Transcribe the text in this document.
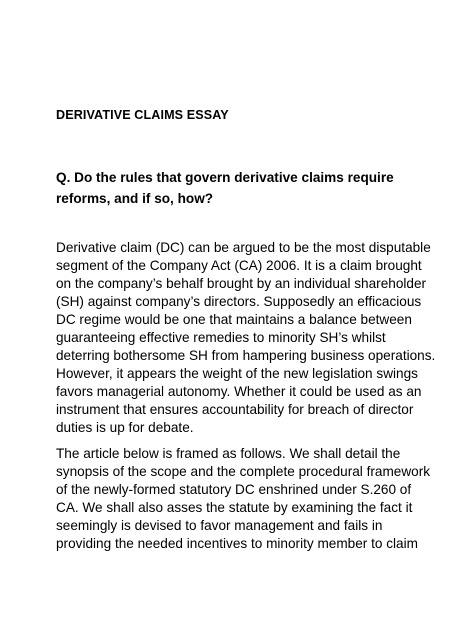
DERIVATIVE CLAIMS ESSAY
Q. Do the rules that govern derivative claims require reforms, and if so, how?

Derivative claim (DC) can be argued to be the most disputable segment of the Company Act (CA) 2006. It is a claim brought on the company’s behalf brought by an individual shareholder (SH) against company’s directors. Supposedly an efficacious DC regime would be one that maintains a balance between guaranteeing effective remedies to minority SH’s whilst deterring bothersome SH from hampering business operations. However, it appears the weight of the new legislation swings favors managerial autonomy. Whether it could be used as an instrument that ensures accountability for breach of director duties is up for debate.

The article below is framed as follows. We shall detail the synopsis of the scope and the complete procedural framework of the newly-formed statutory DC enshrined under S.260 of CA. We shall also asses the statute by examining the fact it seemingly is devised to favor management and fails in providing the needed incentives to minority member to claim
